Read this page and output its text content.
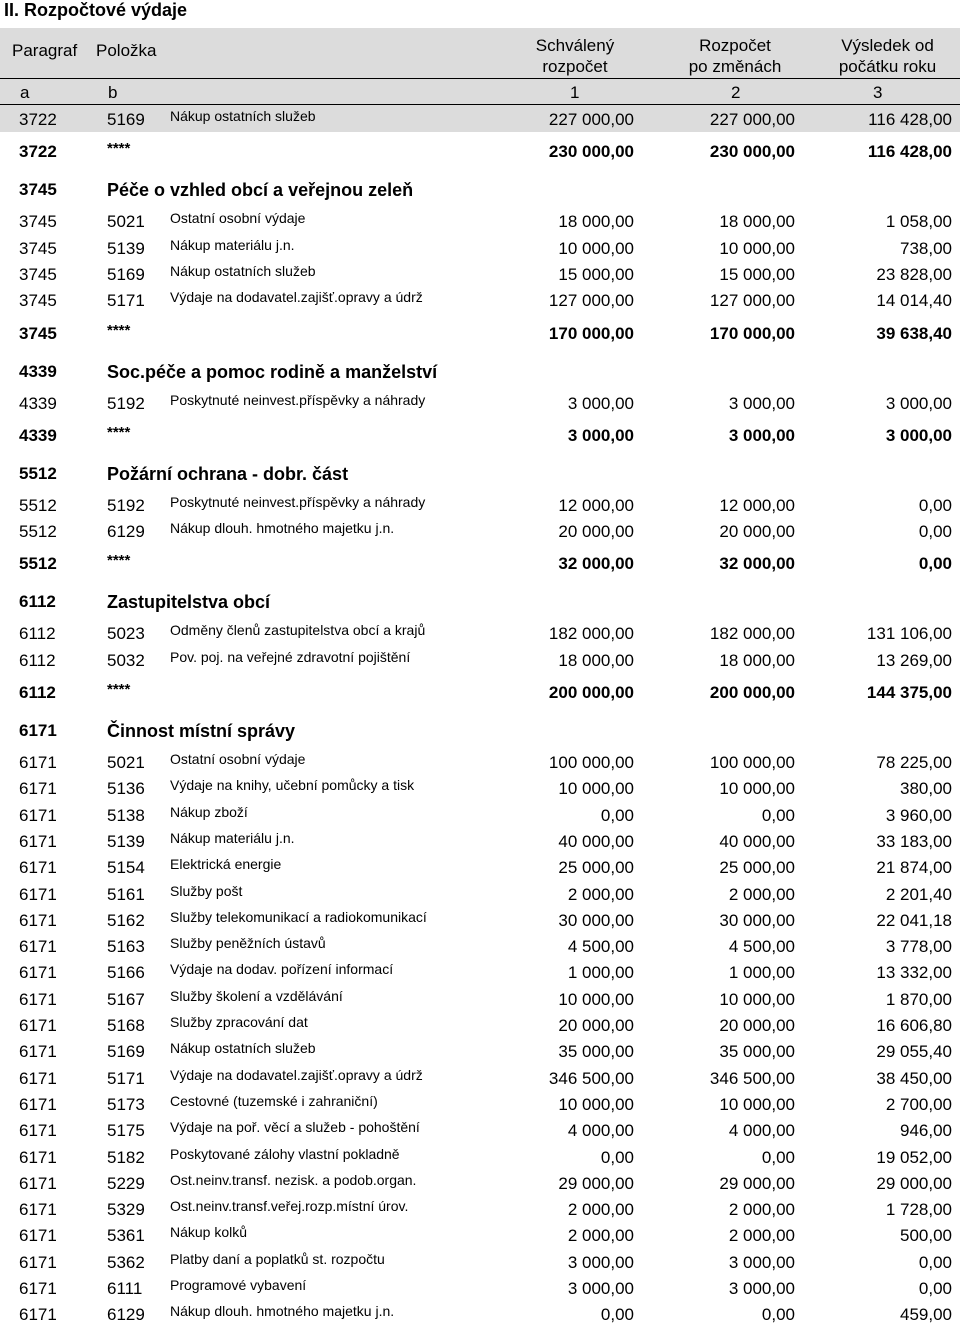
II. Rozpočtové výdaje
Paragraf Položka	Schválený
rozpočet
Rozpočet
po změnách
Výsledek od
počátku roku
a	b	1	2	3
3722	5169 Nákup ostatních služeb	227 000,00	227 000,00	116 428,00
3722	****	230 000,00	230 000,00	116 428,00
3745	Péče o vzhled obcí a veřejnou zeleň
3745	5021 Ostatní osobní výdaje	18 000,00	18 000,00	1 058,00
3745	5139 Nákup materiálu j.n.	10 000,00	10 000,00	738,00
3745	5169 Nákup ostatních služeb	15 000,00	15 000,00	23 828,00
3745	5171 Výdaje na dodavatel.zajišť.opravy a údrž	127 000,00	127 000,00	14 014,40
3745	****	170 000,00	170 000,00	39 638,40
4339	Soc.péče a pomoc rodině a manželství
4339	5192 Poskytnuté neinvest.příspěvky a náhrady	3 000,00	3 000,00	3 000,00
4339	****	3 000,00	3 000,00	3 000,00
5512	Požární ochrana - dobr. část
5512	5192 Poskytnuté neinvest.příspěvky a náhrady	12 000,00	12 000,00	0,00
5512	6129 Nákup dlouh. hmotného majetku j.n.	20 000,00	20 000,00	0,00
5512	****	32 000,00	32 000,00	0,00
6112	Zastupitelstva obcí
6112	5023 Odměny členů zastupitelstva obcí a krajů	182 000,00	182 000,00	131 106,00
6112	5032 Pov. poj. na veřejné zdravotní pojištění	18 000,00	18 000,00	13 269,00
6112	****	200 000,00	200 000,00	144 375,00
6171	Činnost místní správy
6171	5021 Ostatní osobní výdaje	100 000,00	100 000,00	78 225,00
6171	5136 Výdaje na knihy, učební pomůcky a tisk	10 000,00	10 000,00	380,00
6171	5138 Nákup zboží	0,00	0,00	3 960,00
6171	5139 Nákup materiálu j.n.	40 000,00	40 000,00	33 183,00
6171	5154 Elektrická energie	25 000,00	25 000,00	21 874,00
6171	5161 Služby pošt	2 000,00	2 000,00	2 201,40
6171	5162 Služby telekomunikací a radiokomunikací	30 000,00	30 000,00	22 041,18
6171	5163 Služby peněžních ústavů	4 500,00	4 500,00	3 778,00
6171	5166 Výdaje na dodav. pořízení informací	1 000,00	1 000,00	13 332,00
6171	5167 Služby školení a vzdělávání	10 000,00	10 000,00	1 870,00
6171	5168 Služby zpracování dat	20 000,00	20 000,00	16 606,80
6171	5169 Nákup ostatních služeb	35 000,00	35 000,00	29 055,40
6171	5171 Výdaje na dodavatel.zajišť.opravy a údrž	346 500,00	346 500,00	38 450,00
6171	5173 Cestovné (tuzemské i zahraniční)	10 000,00	10 000,00	2 700,00
6171	5175 Výdaje na poř. věcí a služeb - pohoštění	4 000,00	4 000,00	946,00
6171	5182 Poskytované zálohy vlastní pokladně	0,00	0,00	19 052,00
6171	5229 Ost.neinv.transf. nezisk. a podob.organ.	29 000,00	29 000,00	29 000,00
6171	5329 Ost.neinv.transf.veřej.rozp.místní úrov.	2 000,00	2 000,00	1 728,00
6171	5361 Nákup kolků	2 000,00	2 000,00	500,00
6171	5362 Platby daní a poplatků st. rozpočtu	3 000,00	3 000,00	0,00
6171	6111 Programové vybavení	3 000,00	3 000,00	0,00
6171	6129 Nákup dlouh. hmotného majetku j.n.	0,00	0,00	459,00
